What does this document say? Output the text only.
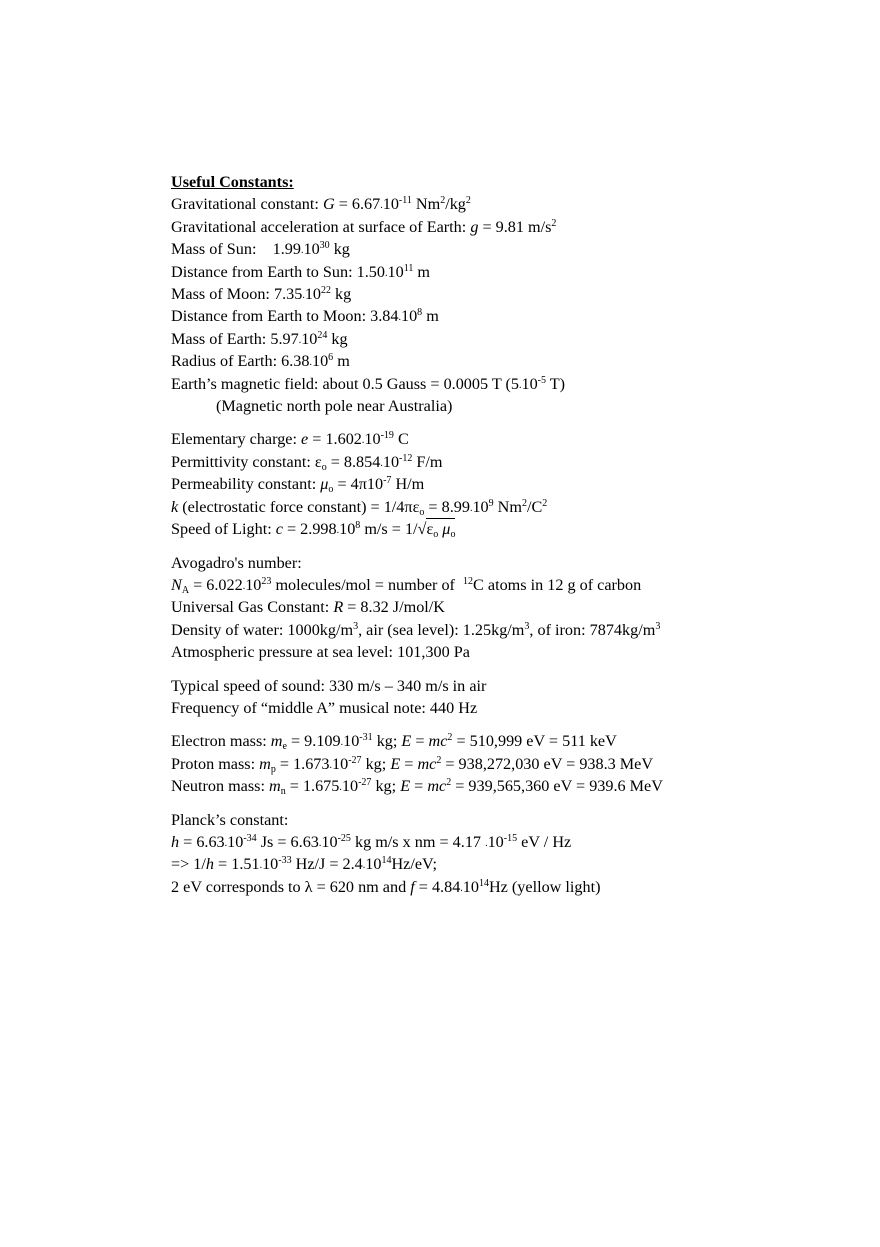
Useful Constants:
Gravitational constant: $G = 6.67.10^{-11}$ $Nm^2/kg^2$
Gravitational acceleration at surface of Earth: g = 9.81 $m/s^2$
Mass of Sun:    1.99.10$^{30}$ kg
Distance from Earth to Sun: 1.50.10$^{11}$ m
Mass of Moon: 7.35.10$^{22}$ kg
Distance from Earth to Moon: 3.84.10$^8$ m
Mass of Earth: 5.97.10$^{24}$ kg
Radius of Earth: 6.38.10$^6$ m
Earth’s magnetic field: about 0.5 Gauss = 0.0005 T ($5.10^{-5}$ T)
(Magnetic north pole near Australia)
Elementary charge: $e = 1.602.10^{-19}$ C
Permittivity constant: $\varepsilon_o = 8.854.10^{-12}$ F/m
Permeability constant: $\mu_o = 4\pi 10^{-7}$ H/m
k (electrostatic force constant) = $1/4\pi\varepsilon_o = 8.99.10^9$ $Nm^2/C^2$
Speed of Light: $c = 2.998.10^8$ $m/s = 1/√\varepsilon_o$ $\mu_o$
Avogadro's number:
$N_A = 6.022.10^{23}$ molecules/mol = number of  $^{12}$C atoms in 12 g of carbon
Universal Gas Constant: R = 8.32 J/mol/K
Density of water: $1000kg/m^3$, air (sea level): $1.25kg/m^3$, of iron: $7874kg/m^3$
Atmospheric pressure at sea level: 101,300 Pa
Typical speed of sound: 330 m/s – 340 m/s in air
Frequency of “middle A” musical note: 440 Hz
Electron mass: $m_e = 9.109.10^{-31}$ kg; $E = mc^2 = 510,999$ eV = 511 keV
Proton mass: $m_p = 1.673.10^{-27}$ kg; $E = mc^2 = 938,272,030$ eV = 938.3 MeV
Neutron mass: $m_n = 1.675.10^{-27}$ kg; $E = mc^2 = 939,565,360$ eV = 939.6 MeV
Planck’s constant:
$h = 6.63.10^{-34}$ $Js = 6.63.10^{-25}$ kg m/s x nm = 4.17 $.10^{-15}$ eV / Hz
=> $1/h = 1.51.10^{-33}$ $Hz/J = 2.4.10^{14}Hz/eV$;
2 eV corresponds to λ = 620 nm and $f = 4.84.10^{14}Hz$ (yellow light)
